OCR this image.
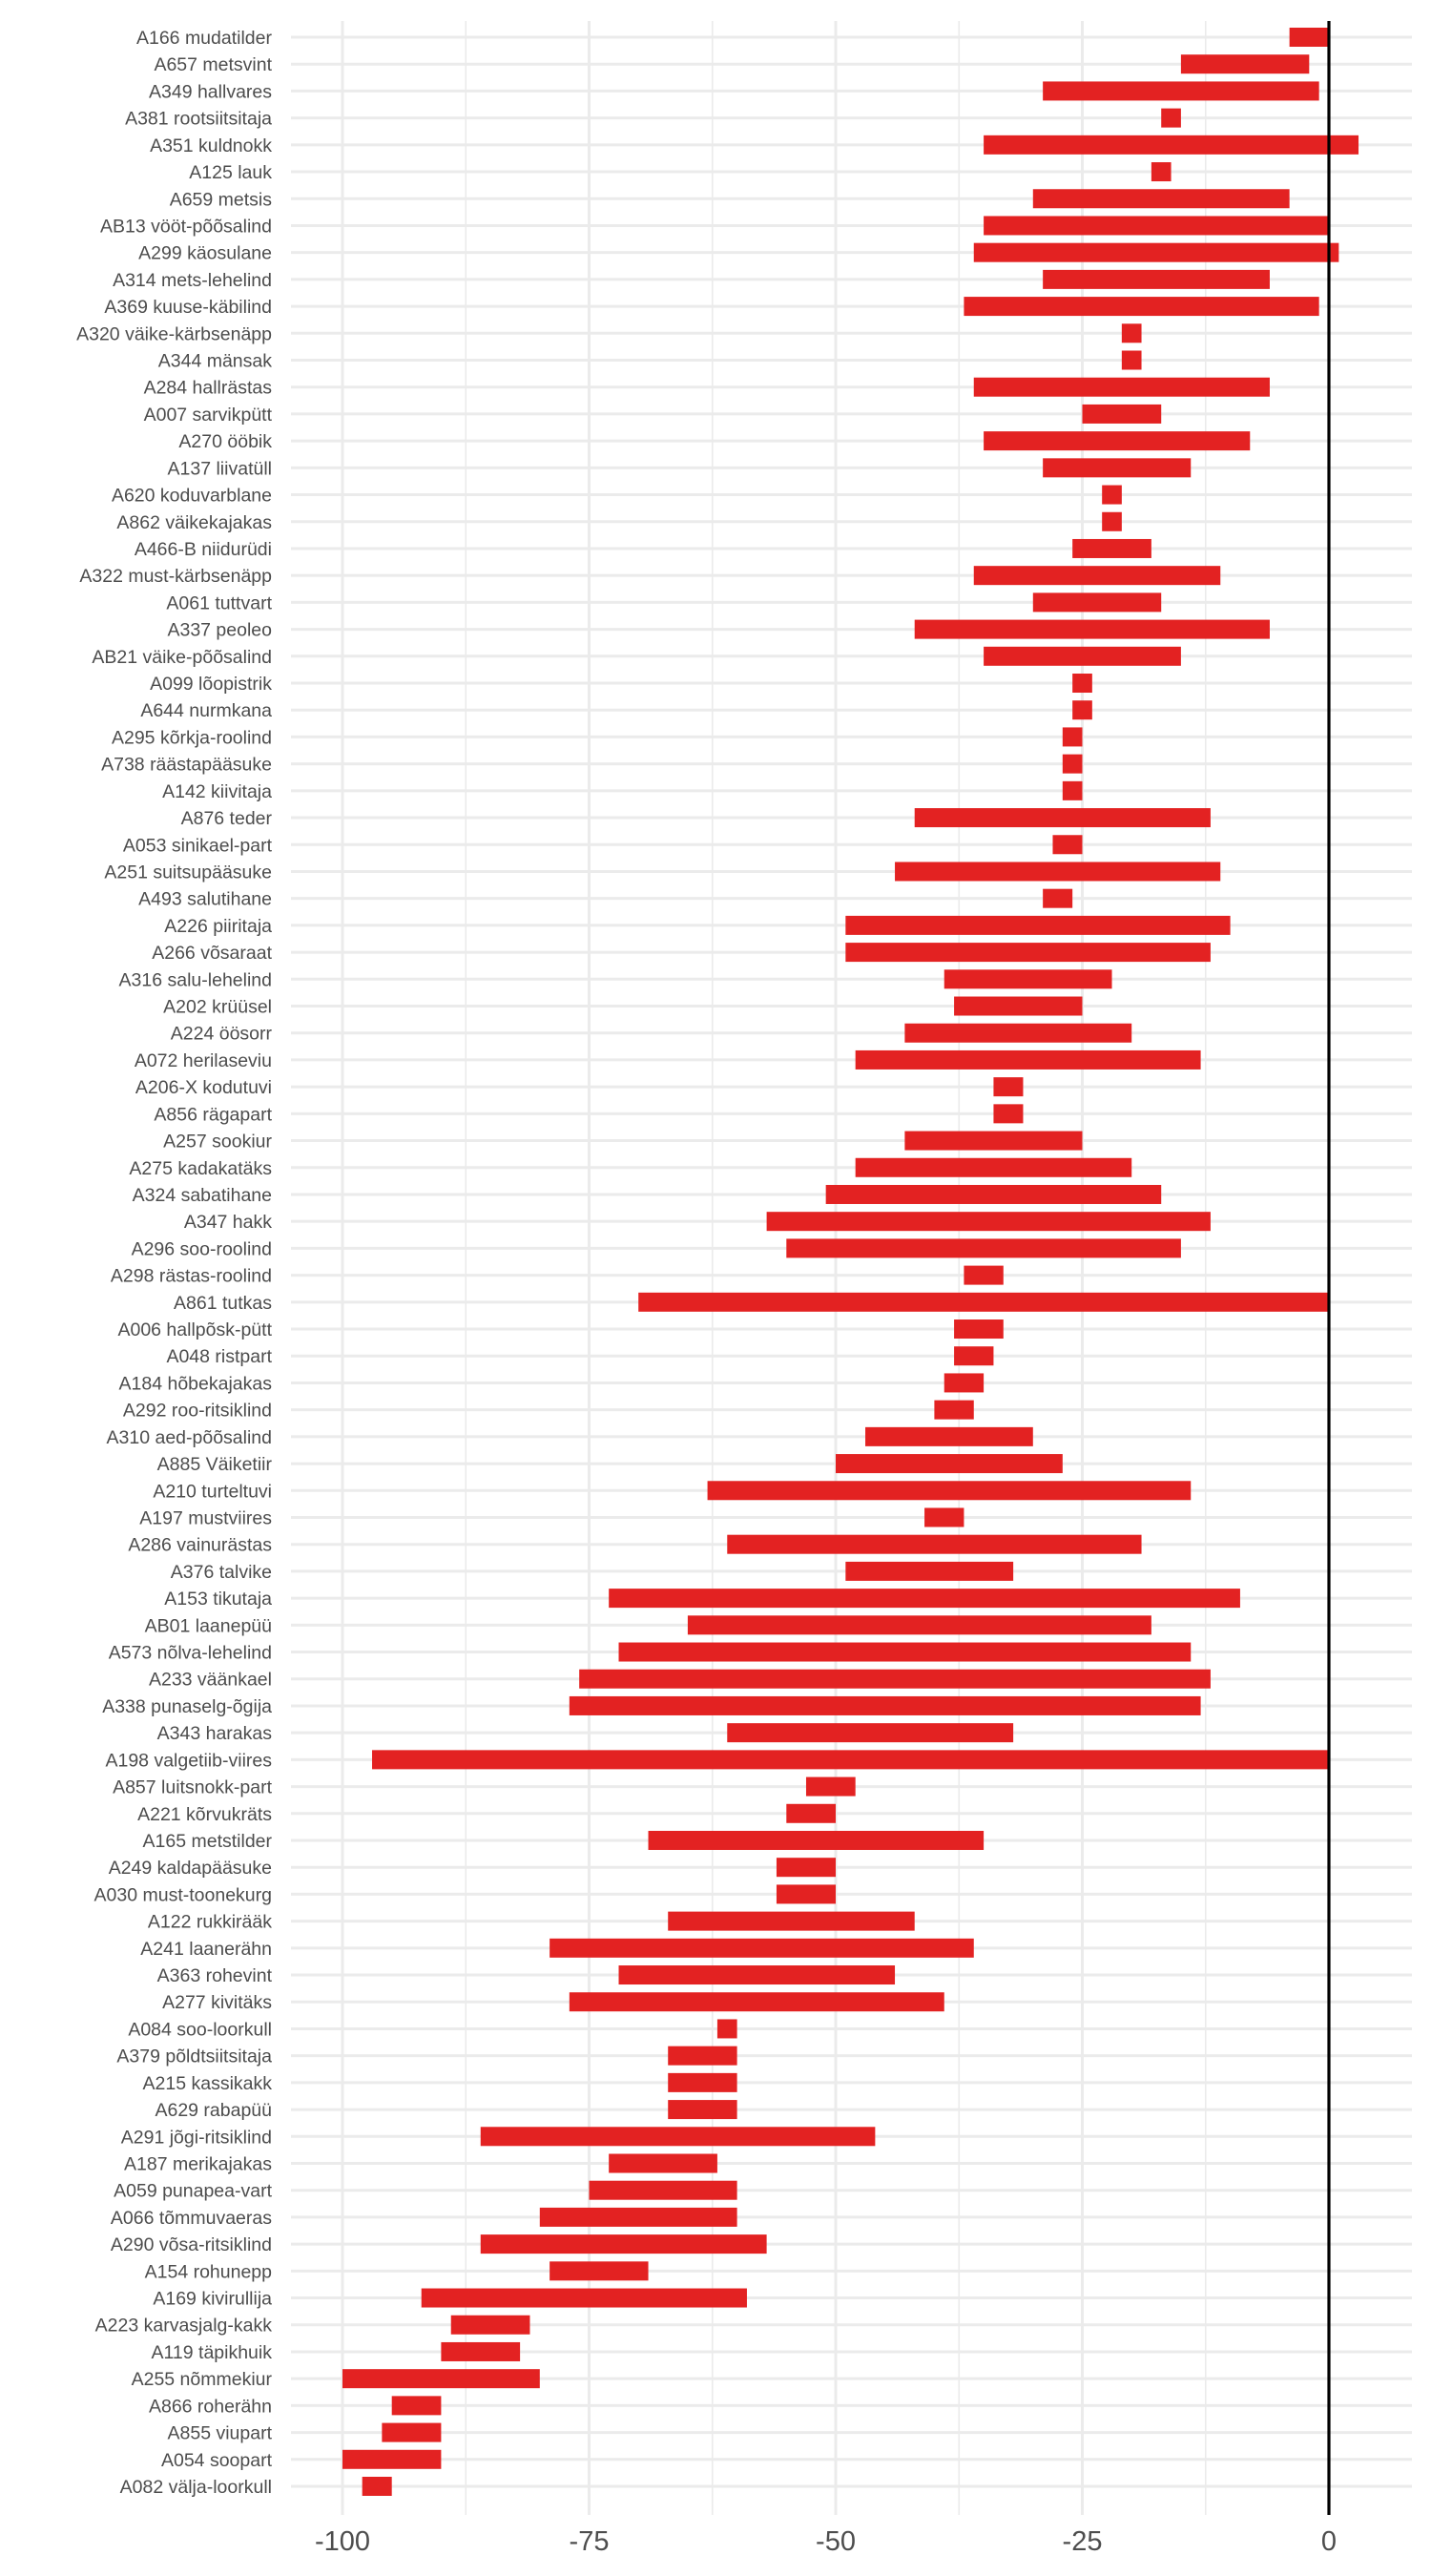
A166 mudatilder
A657 metsvint
A349 hallvares
A381 rootsiitsitaja
A351 kuldnokk
A125 lauk
A659 metsis
AB13 vööt-põõsalind
A299 käosulane
A314 mets-lehelind
A369 kuuse-käbilind
A320 väike-kärbsenäpp
A344 mänsak
A284 hallrästas
A007 sarvikpütt
A270 ööbik
A137 liivatüll
A620 koduvarblane
A862 väikekajakas
A466-B niidurüdi
A322 must-kärbsenäpp
A061 tuttvart
A337 peoleo
AB21 väike-põõsalind
A099 lõopistrik
A644 nurmkana
A295 kõrkja-roolind
A738 räästapääsuke
A142 kiivitaja
A876 teder
A053 sinikael-part
A251 suitsupääsuke
A493 salutihane
A226 piiritaja
A266 võsaraat
A316 salu-lehelind
A202 krüüsel
A224 öösorr
A072 herilaseviu
A206-X kodutuvi
A856 rägapart
A257 sookiur
A275 kadakatäks
A324 sabatihane
A347 hakk
A296 soo-roolind
A298 rästas-roolind
A861 tutkas
A006 hallpõsk-pütt
A048 ristpart
A184 hõbekajakas
A292 roo-ritsiklind
A310 aed-põõsalind
A885 Väiketiir
A210 turteltuvi
A197 mustviires
A286 vainurästas
A376 talvike
A153 tikutaja
AB01 laanepüü
A573 nõlva-lehelind
A233 väänkael
A338 punaselg-õgija
A343 harakas
A198 valgetiib-viires
A857 luitsnokk-part
A221 kõrvukräts
A165 metstilder
A249 kaldapääsuke
A030 must-toonekurg
A122 rukkirääk
A241 laanerähn
A363 rohevint
A277 kivitäks
A084 soo-loorkull
A379 põldtsiitsitaja
A215 kassikakk
A629 rabapüü
A291 jõgi-ritsiklind
A187 merikajakas
A059 punapea-vart
A066 tõmmuvaeras
A290 võsa-ritsiklind
A154 rohunepp
A169 kivirullija
A223 karvasjalg-kakk
A119 täpikhuik
A255 nõmmekiur
A866 roherähn
A855 viupart
A054 soopart
A082 välja-loorkull
-100	-75	-50	-25	0
